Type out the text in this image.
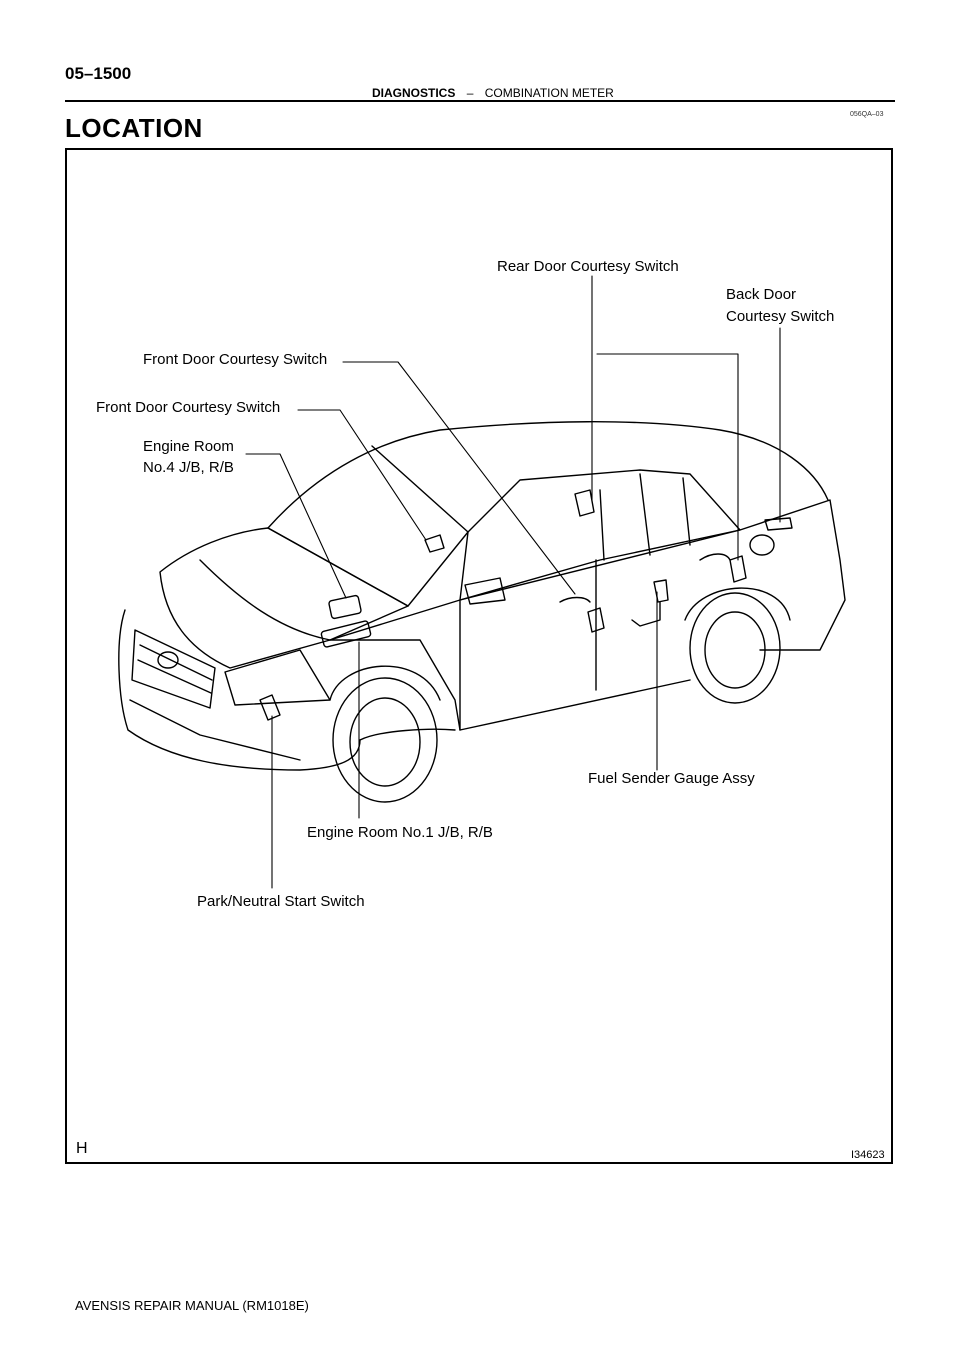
05–1500
DIAGNOSTICS – COMBINATION METER
056QA–03
LOCATION
Rear Door Courtesy Switch
Back Door
Courtesy Switch
Front Door Courtesy Switch
Front Door Courtesy Switch
Engine Room
No.4 J/B, R/B
Fuel Sender Gauge Assy
Engine Room No.1 J/B, R/B
Park/Neutral Start Switch
H	I34623
AVENSIS REPAIR MANUAL (RM1018E)
